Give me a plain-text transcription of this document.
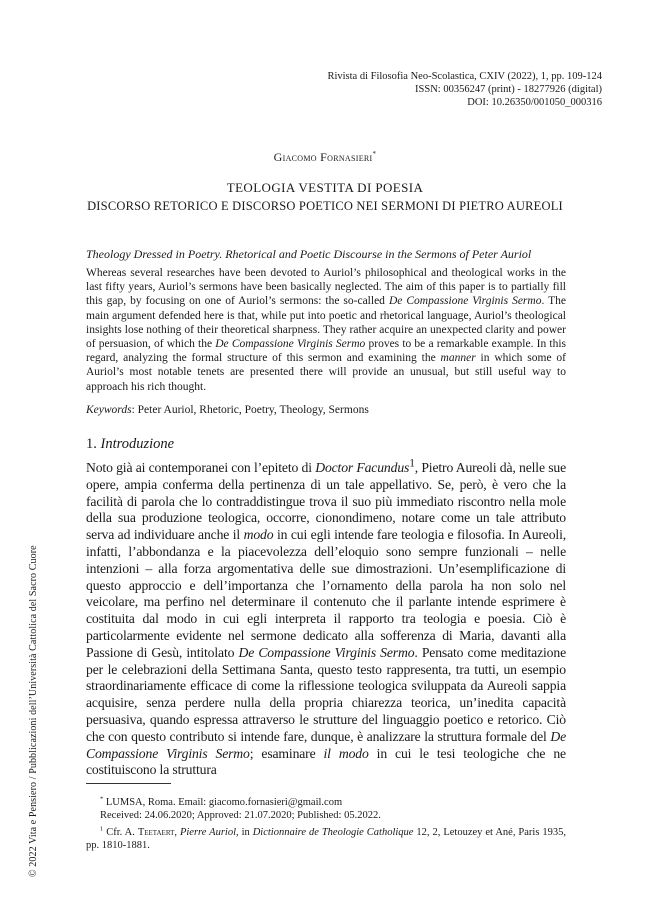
Rivista di Filosofia Neo-Scolastica, CXIV (2022), 1, pp. 109-124
ISSN: 00356247 (print) - 18277926 (digital)
DOI: 10.26350/001050_000316
Giacomo Fornasieri*
TEOLOGIA VESTITA DI POESIA
DISCORSO RETORICO E DISCORSO POETICO NEI SERMONI DI PIETRO AUREOLI
Theology Dressed in Poetry. Rhetorical and Poetic Discourse in the Sermons of Peter Auriol
Whereas several researches have been devoted to Auriol’s philosophical and theological works in the last fifty years, Auriol’s sermons have been basically neglected. The aim of this paper is to partially fill this gap, by focusing on one of Auriol’s sermons: the so-called De Compassione Virginis Sermo. The main argument defended here is that, while put into poetic and rhetorical language, Auriol’s theological insights lose nothing of their theoretical sharpness. They rather acquire an unexpected clarity and power of persuasion, of which the De Compassione Virginis Sermo proves to be a remarkable example. In this regard, analyzing the formal structure of this sermon and examining the manner in which some of Auriol’s most notable tenets are presented there will provide an unusual, but still useful way to approach his rich thought.
Keywords: Peter Auriol, Rhetoric, Poetry, Theology, Sermons
1. Introduzione
Noto già ai contemporanei con l’epiteto di Doctor Facundus$^1$, Pietro Aureoli dà, nelle sue opere, ampia conferma della pertinenza di un tale appellativo. Se, però, è vero che la facilità di parola che lo contraddistingue trova il suo più immediato riscontro nella mole della sua produzione teologica, occorre, cionondimeno, notare come un tale attributo serva ad individuare anche il modo in cui egli intende fare teologia e filosofia. In Aureoli, infatti, l’abbondanza e la piacevolezza dell’eloquio sono sempre funzionali – nelle intenzioni – alla forza argomentativa delle sue dimostrazioni. Un’esemplificazione di questo approccio e dell’importanza che l’ornamento della parola ha non solo nel veicolare, ma perfino nel determinare il contenuto che il parlante intende esprimere è costituita dal modo in cui egli interpreta il rapporto tra teologia e poesia. Ciò è particolarmente evidente nel sermone dedicato alla sofferenza di Maria, davanti alla Passione di Gesù, intitolato De Compassione Virginis Sermo. Pensato come meditazione per le celebrazioni della Settimana Santa, questo testo rappresenta, tra tutti, un esempio straordinariamente efficace di come la riflessione teologica sviluppata da Aureoli sappia acquisire, senza perdere nulla della propria chiarezza teorica, un’inedita capacità persuasiva, quando espressa attraverso le strutture del linguaggio poetico e retorico. Ciò che con questo contributo si intende fare, dunque, è analizzare la struttura formale del De Compassione Virginis Sermo; esaminare il modo in cui le tesi teologiche che ne costituiscono la struttura
* LUMSA, Roma. Email: giacomo.fornasieri@gmail.com
Received: 24.06.2020; Approved: 21.07.2020; Published: 05.2022.
$^1$ Cfr. A. Teetaert, Pierre Auriol, in Dictionnaire de Theologie Catholique 12, 2, Letouzey et Ané, Paris 1935, pp. 1810-1881.
© 2022 Vita e Pensiero / Pubblicazioni dell’Università Cattolica del Sacro Cuore
